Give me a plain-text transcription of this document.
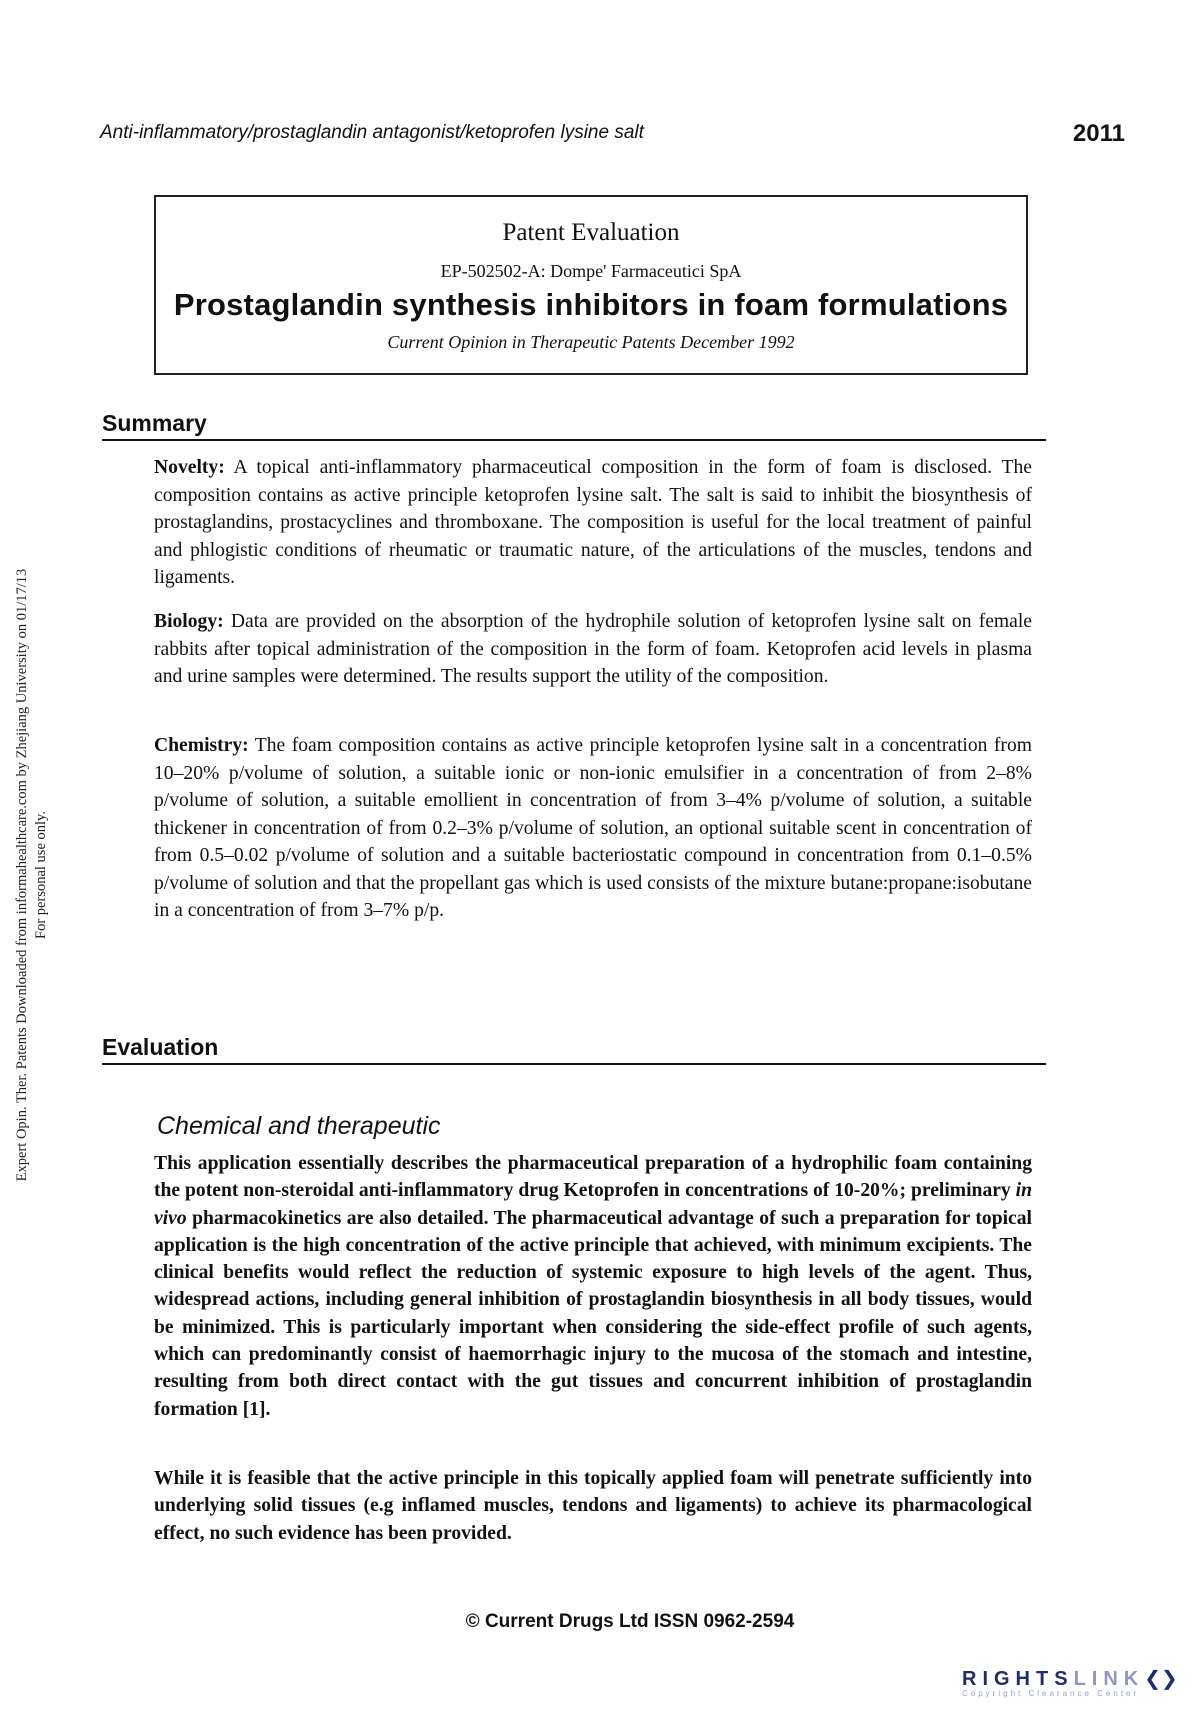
Anti-inflammatory/prostaglandin antagonist/ketoprofen lysine salt	2011
Expert Opin. Ther. Patents Downloaded from informahealthcare.com by Zhejiang University on 01/17/13 For personal use only.
Patent Evaluation
EP-502502-A: Dompe' Farmaceutici SpA
Prostaglandin synthesis inhibitors in foam formulations
Current Opinion in Therapeutic Patents December 1992
Summary
Novelty: A topical anti-inflammatory pharmaceutical composition in the form of foam is disclosed. The composition contains as active principle ketoprofen lysine salt. The salt is said to inhibit the biosynthesis of prostaglandins, prostacyclines and thromboxane. The composition is useful for the local treatment of painful and phlogistic conditions of rheumatic or traumatic nature, of the articulations of the muscles, tendons and ligaments.
Biology: Data are provided on the absorption of the hydrophile solution of ketoprofen lysine salt on female rabbits after topical administration of the composition in the form of foam. Ketoprofen acid levels in plasma and urine samples were determined. The results support the utility of the composition.
Chemistry: The foam composition contains as active principle ketoprofen lysine salt in a concentration from 10–20% p/volume of solution, a suitable ionic or non-ionic emulsifier in a concentration of from 2–8% p/volume of solution, a suitable emollient in concentration of from 3–4% p/volume of solution, a suitable thickener in concentration of from 0.2–3% p/volume of solution, an optional suitable scent in concentration of from 0.5–0.02 p/volume of solution and a suitable bacteriostatic compound in concentration from 0.1–0.5% p/volume of solution and that the propellant gas which is used consists of the mixture butane:propane:isobutane in a concentration of from 3–7% p/p.
Evaluation
Chemical and therapeutic
This application essentially describes the pharmaceutical preparation of a hydrophilic foam containing the potent non-steroidal anti-inflammatory drug Ketoprofen in concentrations of 10-20%; preliminary in vivo pharmacokinetics are also detailed. The pharmaceutical advantage of such a preparation for topical application is the high concentration of the active principle that achieved, with minimum excipients. The clinical benefits would reflect the reduction of systemic exposure to high levels of the agent. Thus, widespread actions, including general inhibition of prostaglandin biosynthesis in all body tissues, would be minimized. This is particularly important when considering the side-effect profile of such agents, which can predominantly consist of haemorrhagic injury to the mucosa of the stomach and intestine, resulting from both direct contact with the gut tissues and concurrent inhibition of prostaglandin formation [1].
While it is feasible that the active principle in this topically applied foam will penetrate sufficiently into underlying solid tissues (e.g inflamed muscles, tendons and ligaments) to achieve its pharmacological effect, no such evidence has been provided.
© Current Drugs Ltd ISSN 0962-2594
RIGHTSLINK❮❯
Copyright Clearance Center
